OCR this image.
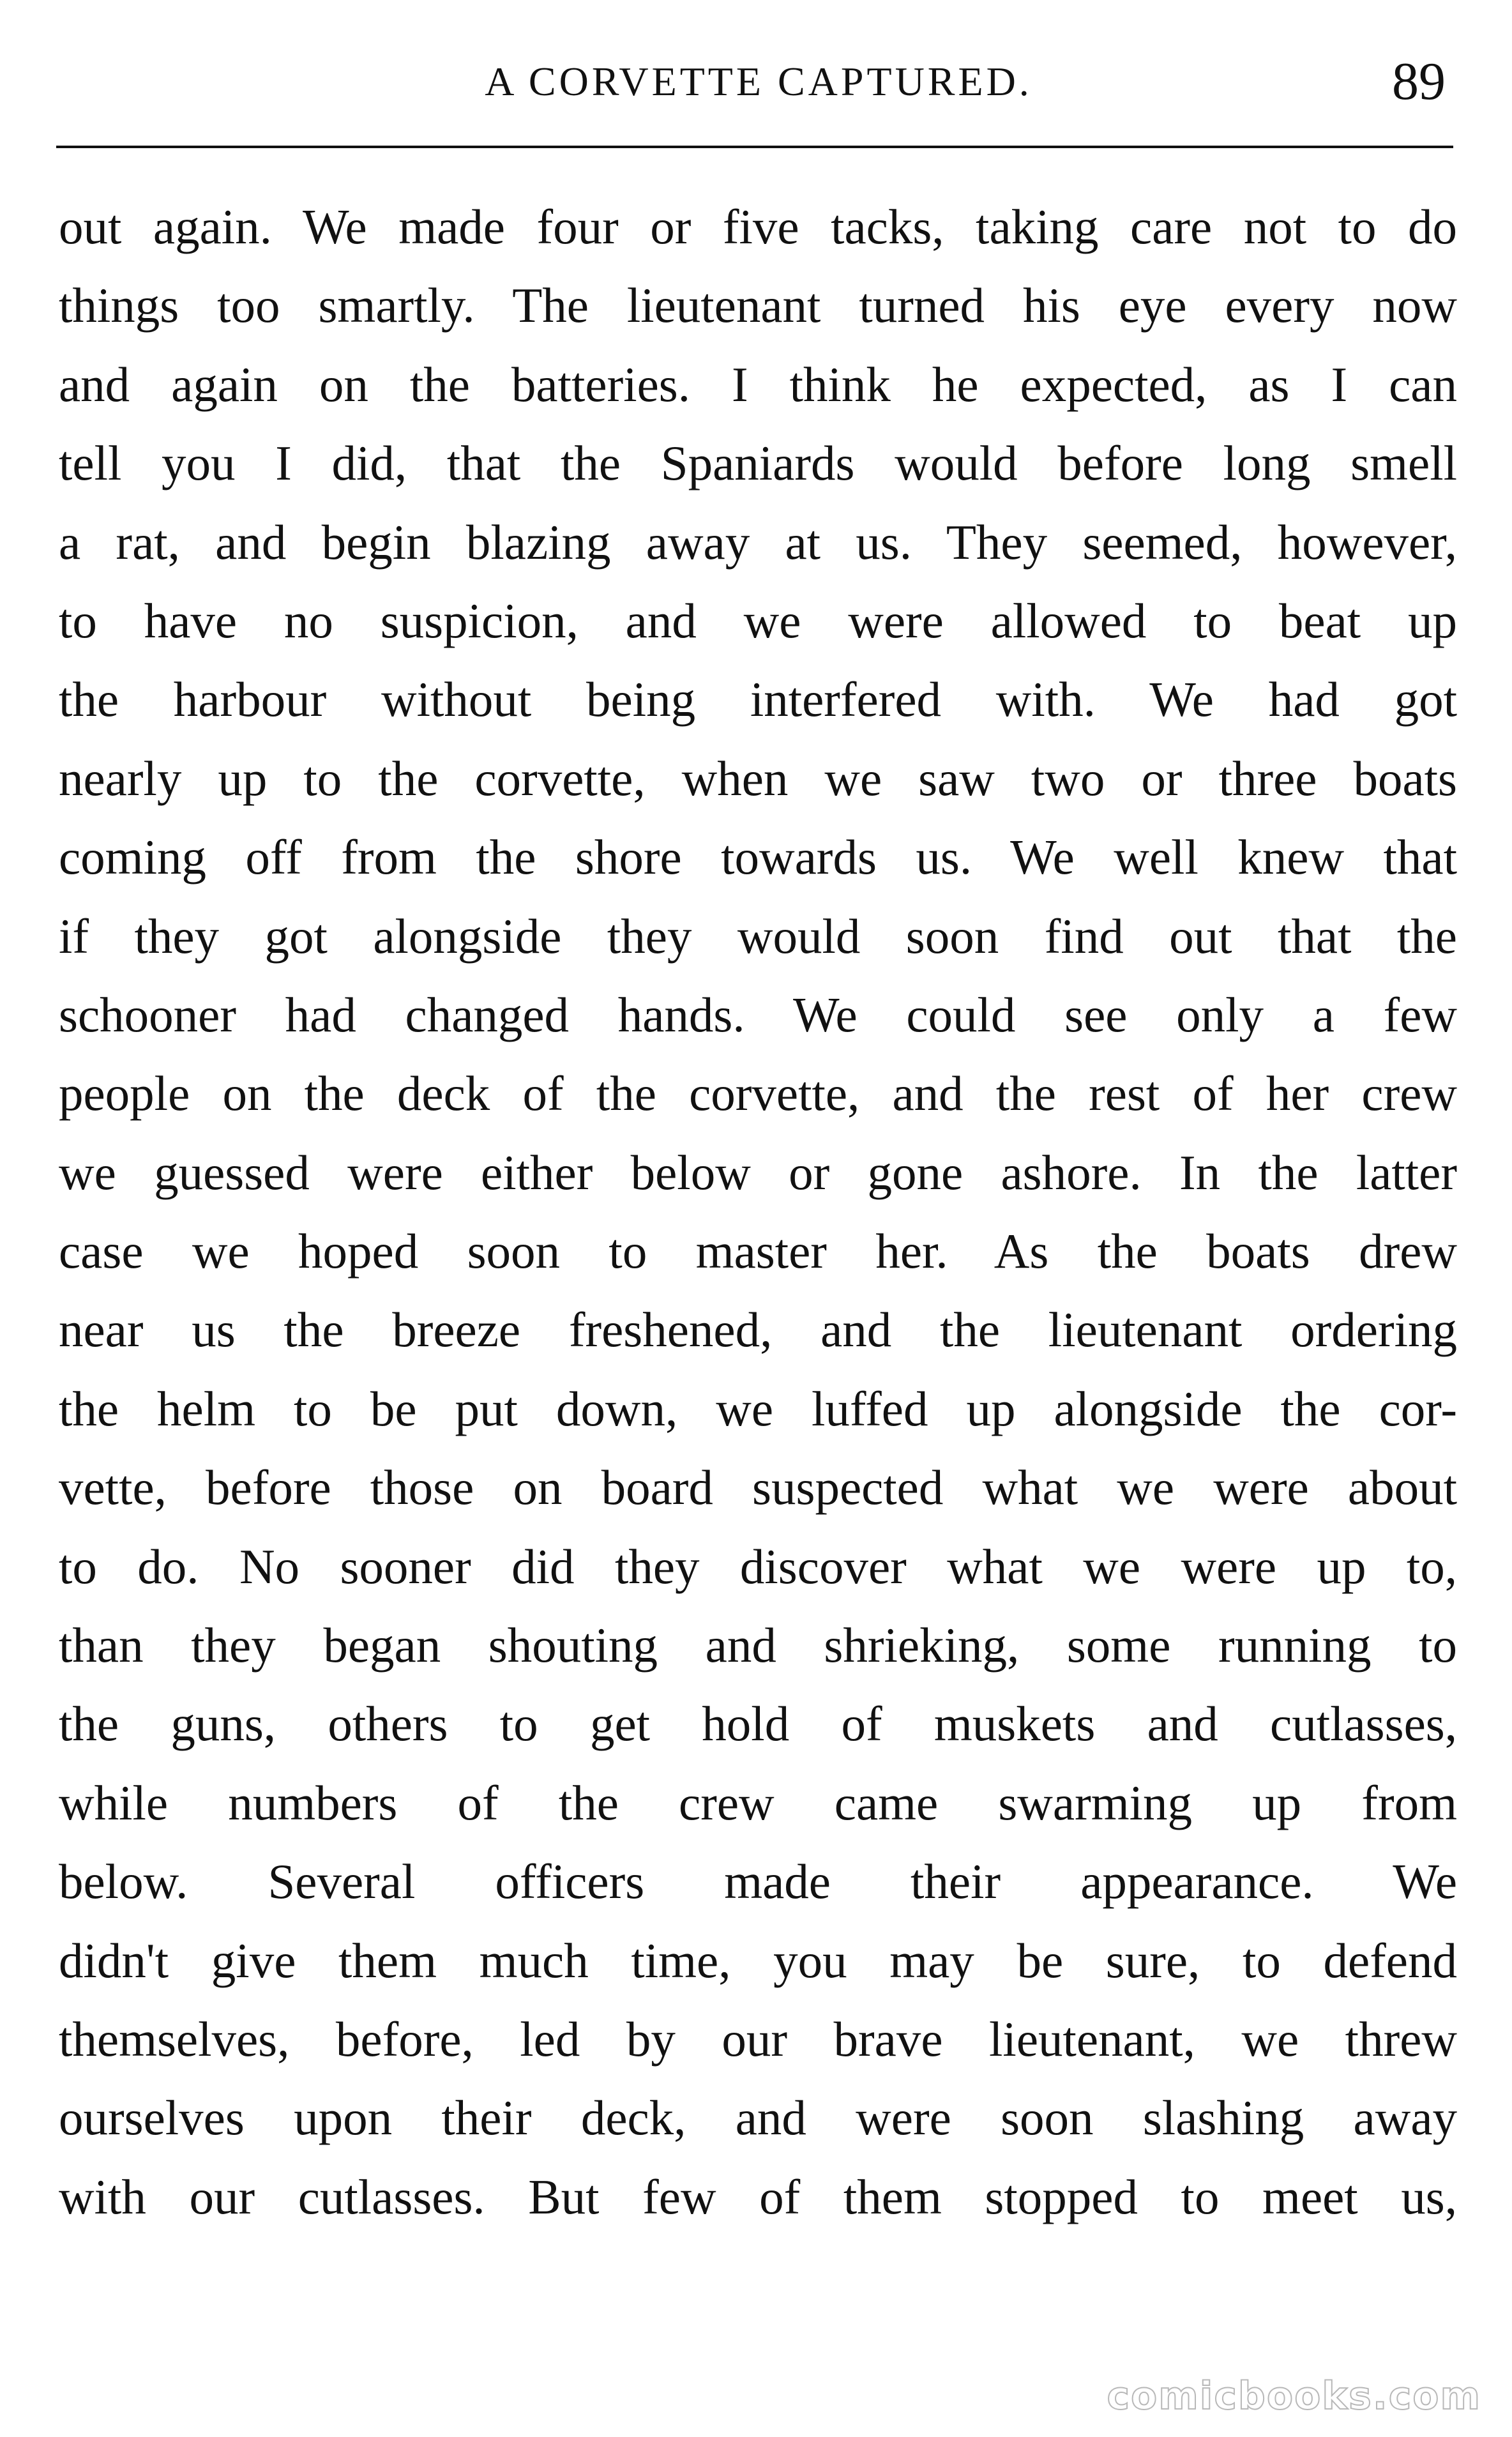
A CORVETTE CAPTURED.	89
out again. We made four or five tacks, taking care not to do
things too smartly. The lieutenant turned his eye every now
and again on the batteries. I think he expected, as I can
tell you I did, that the Spaniards would before long smell
a rat, and begin blazing away at us. They seemed, however,
to have no suspicion, and we were allowed to beat up
the harbour without being interfered with. We had got
nearly up to the corvette, when we saw two or three boats
coming off from the shore towards us. We well knew that
if they got alongside they would soon find out that the
schooner had changed hands. We could see only a few
people on the deck of the corvette, and the rest of her crew
we guessed were either below or gone ashore. In the latter
case we hoped soon to master her. As the boats drew
near us the breeze freshened, and the lieutenant ordering
the helm to be put down, we luffed up alongside the cor-
vette, before those on board suspected what we were about
to do. No sooner did they discover what we were up to,
than they began shouting and shrieking, some running to
the guns, others to get hold of muskets and cutlasses,
while numbers of the crew came swarming up from
below. Several officers made their appearance. We
didn't give them much time, you may be sure, to defend
themselves, before, led by our brave lieutenant, we threw
ourselves upon their deck, and were soon slashing away
with our cutlasses. But few of them stopped to meet us,
comicbooks.com
